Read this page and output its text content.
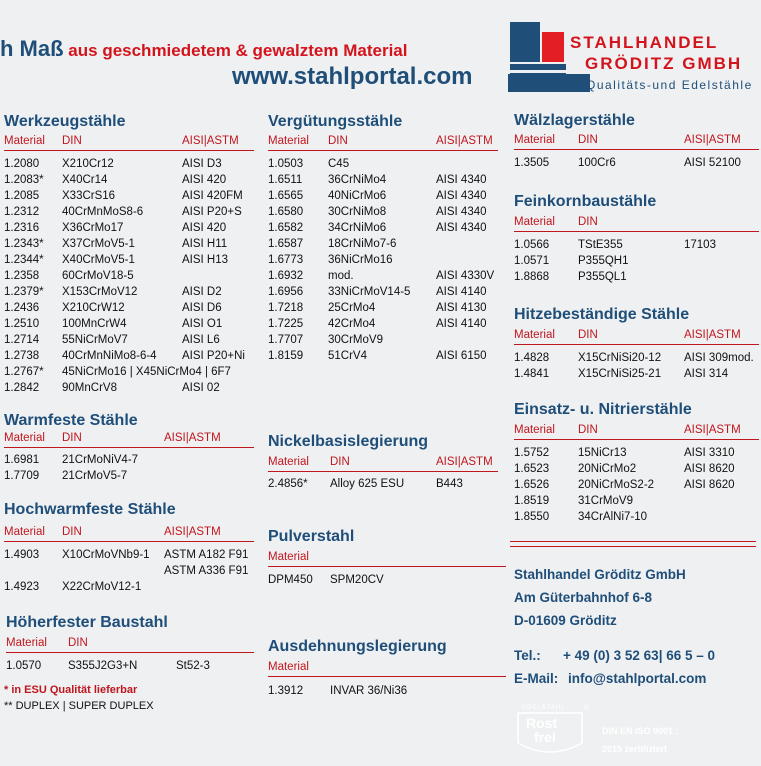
h Maß aus geschmiedetem & gewalztem Material
www.stahlportal.com
STAHLHANDEL
GRÖDITZ GMBH
Qualitäts-und Edelstähle
Werkzeugstähle
Material DIN	AISI|ASTM
1.2080 X210Cr12	AISI D3
1.2083* X40Cr14	AISI 420
1.2085 X33CrS16	AISI 420FM
1.2312 40CrMnMoS8-6	AISI P20+S
1.2316 X36CrMo17	AISI 420
1.2343* X37CrMoV5-1	AISI H11
1.2344* X40CrMoV5-1	AISI H13
1.2358 60CrMoV18-5
1.2379* X153CrMoV12	AISI D2
1.2436 X210CrW12	AISI D6
1.2510 100MnCrW4	AISI O1
1.2714 55NiCrMoV7	AISI L6
1.2738 40CrMnNiMo8-6-4 AISI P20+Ni
1.2767* 45NiCrMo16 | X45NiCrMo4 | 6F7
1.2842 90MnCrV8	AISI 02
Warmfeste Stähle
Material DIN	AISI|ASTM
1.6981 21CrMoNiV4-7
1.7709 21CrMoV5-7
Hochwarmfeste Stähle
Material DIN	AISI|ASTM
1.4903 X10CrMoVNb9-1 ASTM A182 F91
ASTM A336 F91
1.4923 X22CrMoV12-1
Höherfester Baustahl
Material DIN
1.0570 S355J2G3+N	St52-3
* in ESU Qualität lieferbar
** DUPLEX | SUPER DUPLEX
Vergütungsstähle
Material DIN	AISI|ASTM
1.0503 C45
1.6511 36CrNiMo4	AISI 4340
1.6565 40NiCrMo6	AISI 4340
1.6580 30CrNiMo8	AISI 4340
1.6582 34CrNiMo6	AISI 4340
1.6587 18CrNiMo7-6
1.6773 36NiCrMo16
1.6932 mod.	AISI 4330V
1.6956 33NiCrMoV14-5 AISI 4140
1.7218 25CrMo4	AISI 4130
1.7225 42CrMo4	AISI 4140
1.7707 30CrMoV9
1.8159 51CrV4	AISI 6150
Nickelbasislegierung
Material DIN	AISI|ASTM
2.4856* Alloy 625 ESU	B443
Pulverstahl
Material
DPM450 SPM20CV
Ausdehnungslegierung
Material
1.3912 INVAR 36/Ni36
Wälzlagerstähle
Material DIN	AISI|ASTM
1.3505	100Cr6	AISI 52100
Feinkornbaustähle
Material DIN
1.0566	TStE355	17103
1.0571	P355QH1
1.8868	P355QL1
Hitzebeständige Stähle
Material DIN	AISI|ASTM
1.4828	X15CrNiSi20-12 AISI 309mod.
1.4841	X15CrNiSi25-21 AISI 314
Einsatz- u. Nitrierstähle
Material DIN	AISI|ASTM
1.5752	15NiCr13	AISI 3310
1.6523	20NiCrMo2	AISI 8620
1.6526	20NiCrMoS2-2	AISI 8620
1.8519	31CrMoV9
1.8550	34CrAlNi7-10
Stahlhandel Gröditz GmbH
Am Güterbahnhof 6-8
D-01609 Gröditz
Tel.: + 49 (0) 3 52 63| 66 5 – 0
E-Mail: info@stahlportal.com
EDELSTAHL	®
Rost
frei	DIN EN ISO 9001 :
2015 zertifiziert
